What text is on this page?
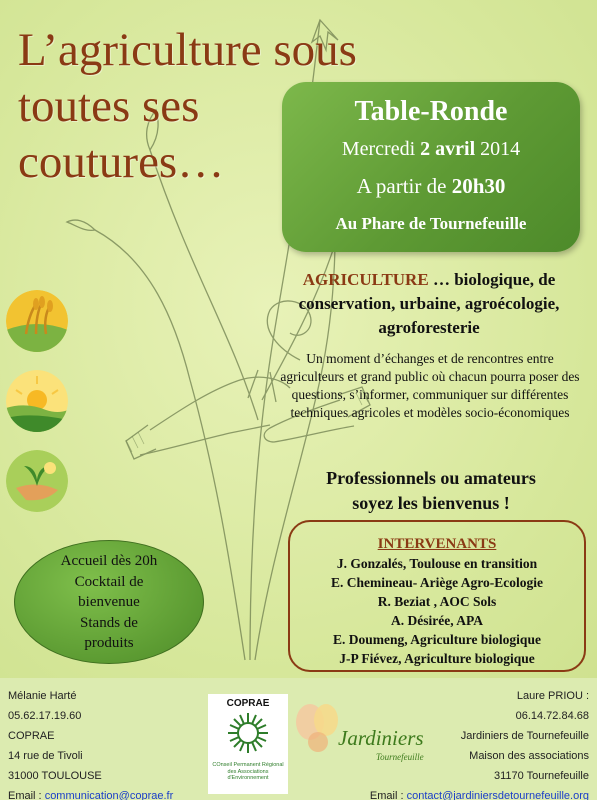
L’agriculture sous
toutes ses
coutures…
Table-Ronde
Mercredi 2 avril 2014
A partir de 20h30
Au Phare de Tournefeuille
AGRICULTURE … biologique, de conservation, urbaine, agroécologie, agroforesterie
Un moment d’échanges et de rencontres entre agriculteurs et grand public où chacun pourra poser des questions, s’informer, communiquer sur différentes techniques agricoles et modèles socio-économiques
Professionnels ou amateurs
soyez les bienvenus !
INTERVENANTS
J. Gonzalés, Toulouse en transition
E. Chemineau- Ariège Agro-Ecologie
R. Beziat , AOC Sols
A. Désirée, APA
E. Doumeng, Agriculture biologique
J-P Fiévez, Agriculture biologique
Accueil dès 20h
Cocktail de
bienvenue
Stands de
produits
Mélanie Harté
05.62.17.19.60
COPRAE
14 rue de Tivoli
31000 TOULOUSE
Email : communication@coprae.fr
COPRAE
COnseil Permanent Régional des Associations d'Environnement
Jardiniers
Tournefeuille
Laure PRIOU :
06.14.72.84.68
Jardiniers de Tournefeuille
Maison des associations
31170 Tournefeuille
Email : contact@jardiniersdetournefeuille.org
